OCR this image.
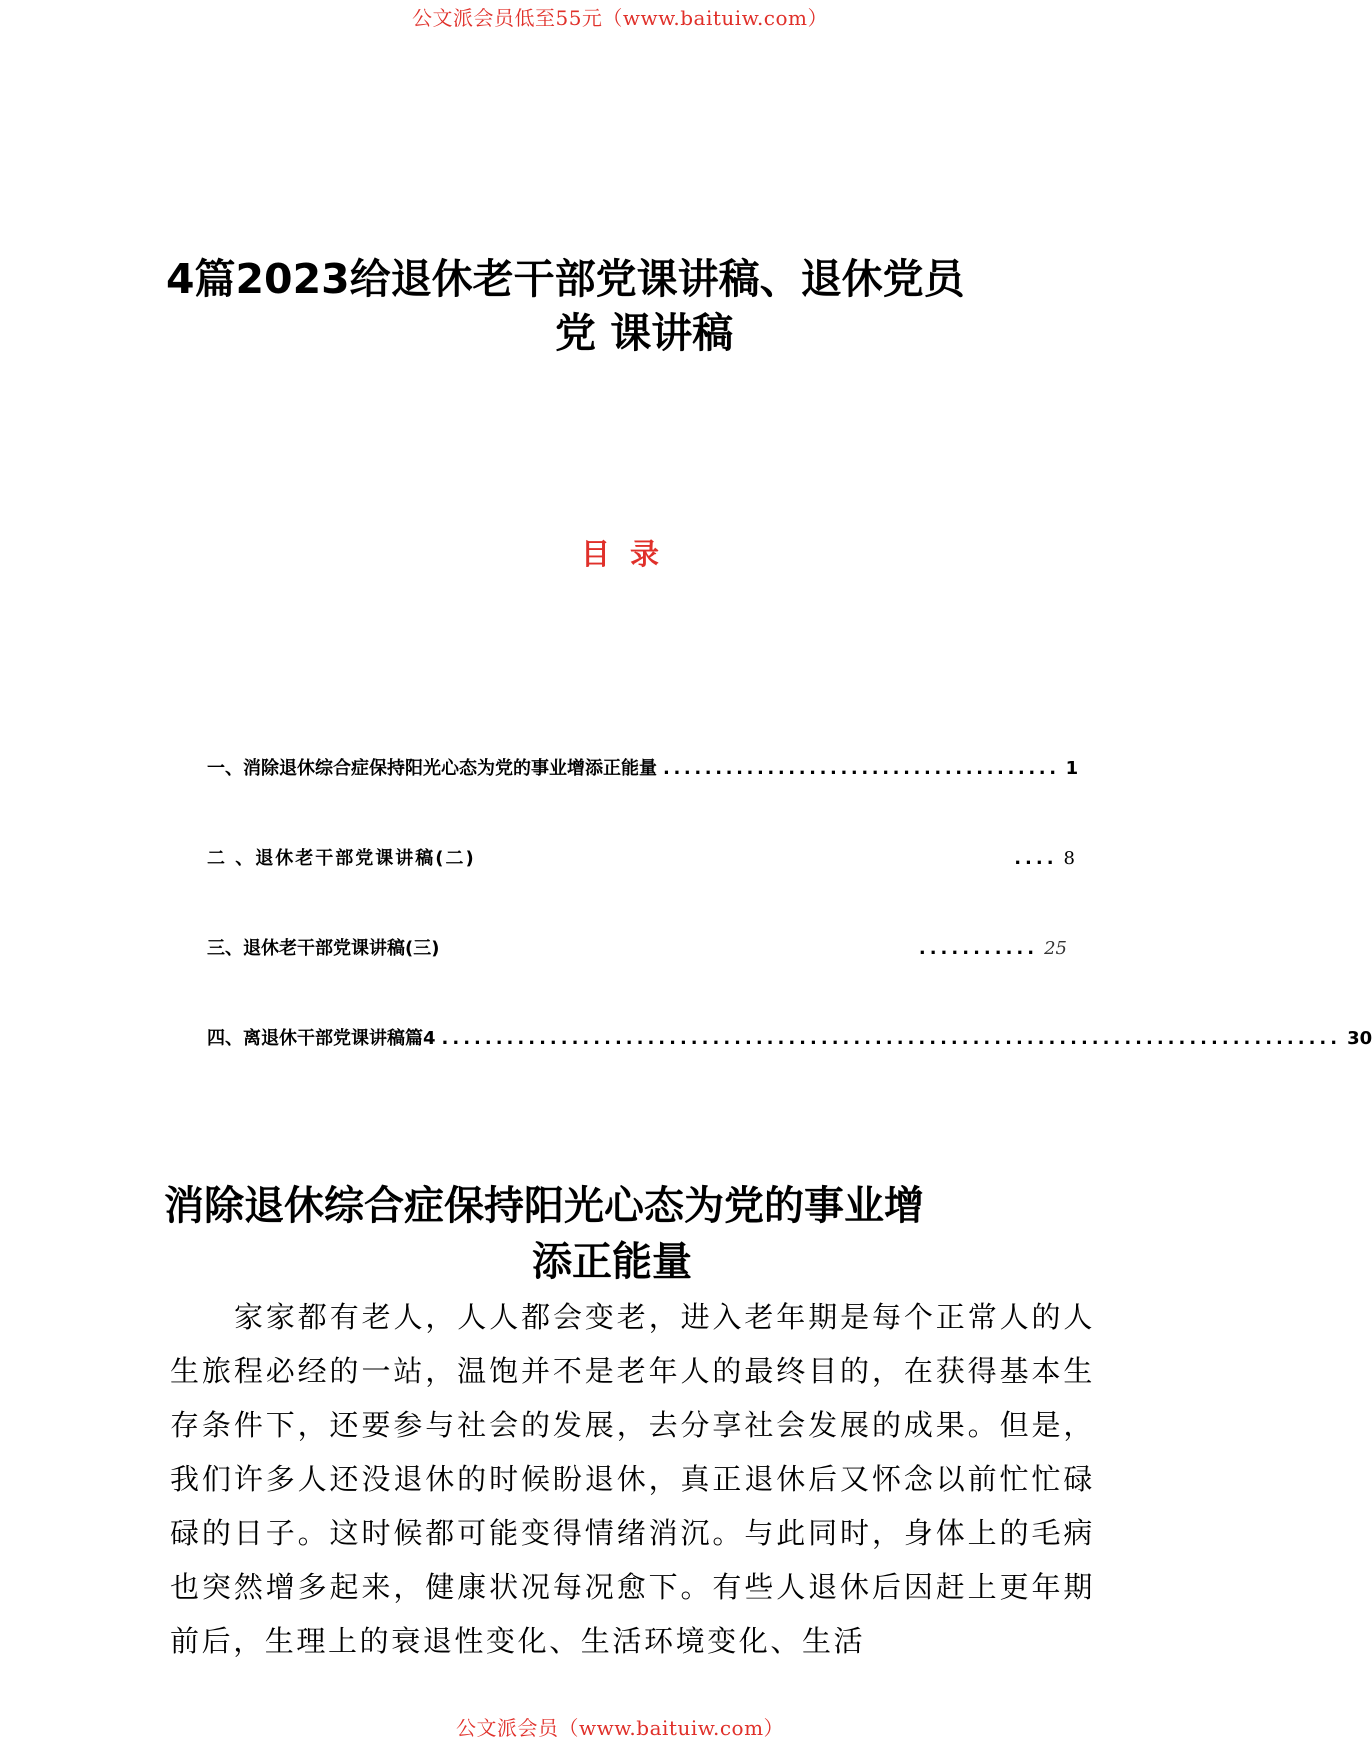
公文派会员低至55元（www.baituiw.com）
4篇2023给退休老干部党课讲稿、退休党员
党 课讲稿
目录
一、消除退休综合症保持阳光心态为党的事业增添正能量 ...................................... 1
二 、退休老干部党课讲稿(二)	.... 8
三、退休老干部党课讲稿(三)	........... 25
四、 离退休干部党课讲稿篇4 ................................................................................... 30
消除退休综合症保持阳光心态为党的事业增
添正能量

家家都有老人，人人都会变老，进入老年期是每个正常人的人生旅程必经的一站，温饱并不是老年人的最终目的，在获得基本生存条件下，还要参与社会的发展，去分享社会发展的成果。但是，我们许多人还没退休的时候盼退休，真正退休后又怀念以前忙忙碌碌的日子。这时候都可能变得情绪消沉。与此同时，身体上的毛病也突然增多起来，健康状况每况愈下。有些人退休后因赶上更年期前后，生理上的衰退性变化、生活环境变化、生活

公文派会员（www.baituiw.com）
